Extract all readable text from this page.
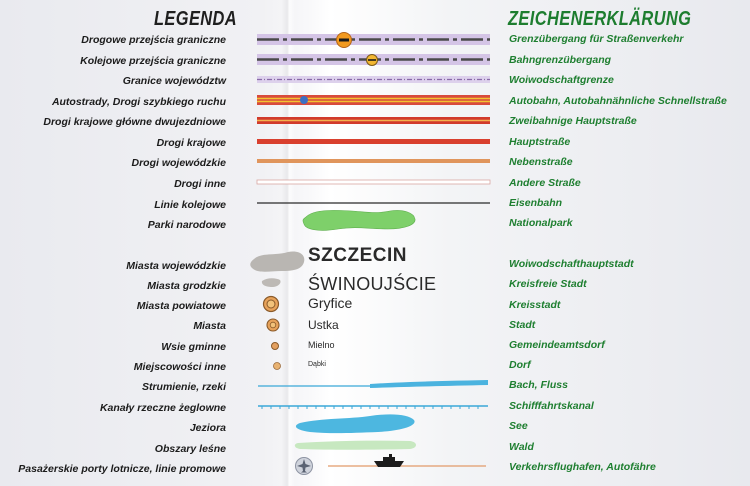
LEGENDA	ZEICHENERKLÄRUNG
Drogowe przejścia graniczne
Kolejowe przejścia graniczne
Granice województw
Autostrady, Drogi szybkiego ruchu
Drogi krajowe główne dwujezdniowe
Drogi krajowe
Drogi wojewódzkie
Drogi inne
Linie kolejowe
Parki narodowe
Miasta wojewódzkie
Miasta grodzkie
Miasta powiatowe
Miasta
Wsie gminne
Miejscowości inne
Strumienie, rzeki
Kanały rzeczne żeglowne
Jeziora
Obszary leśne
Pasażerskie porty lotnicze, linie promowe
Grenzübergang für Straßenverkehr
Bahngrenzübergang
Woiwodschaftgrenze
Autobahn, Autobahnähnliche Schnellstraße
Zweibahnige Hauptstraße
Hauptstraße
Nebenstraße
Andere Straße
Eisenbahn
Nationalpark
Woiwodschafthauptstadt
Kreisfreie Stadt
Kreisstadt
Stadt
Gemeindeamtsdorf
Dorf
Bach, Fluss
Schifffahrtskanal
See
Wald
Verkehrsflughafen, Autofähre
SZCZECIN
ŚWINOUJŚCIE
Gryfice
Ustka
Mielno
Dąbki
